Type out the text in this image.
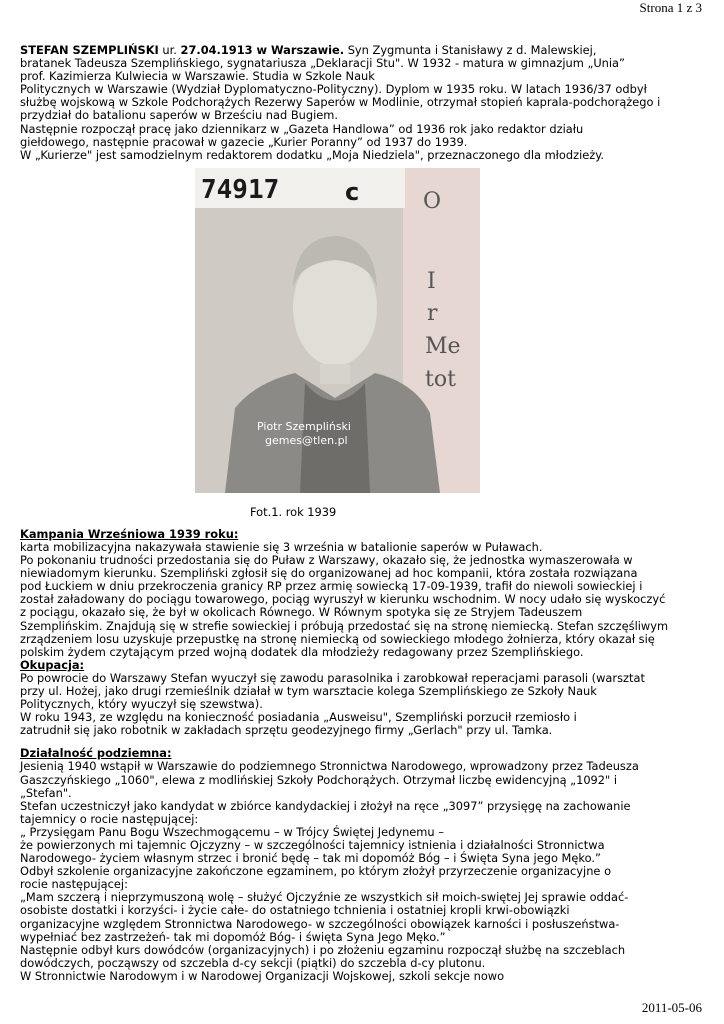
Strona 1 z 3

STEFAN SZEMPLIŃSKI ur. 27.04.1913 w Warszawie. Syn Zygmunta i Stanisławy z d. Malewskiej,

bratanek Tadeusza Szemplińskiego, sygnatariusza „Deklaracji Stu". W 1932 - matura w gimnazjum „Unia”

prof. Kazimierza Kulwiecia w Warszawie. Studia w Szkole Nauk

Politycznych w Warszawie (Wydział Dyplomatyczno-Polityczny). Dyplom w 1935 roku. W latach 1936/37 odbył

służbę wojskową w Szkole Podchorążych Rezerwy Saperów w Modlinie, otrzymał stopień kaprala-podchorążego i

przydział do batalionu saperów w Brześciu nad Bugiem.

Następnie rozpoczął pracę jako dziennikarz w „Gazeta Handlowa” od 1936 rok jako redaktor działu

giełdowego, następnie pracował w gazecie „Kurier Poranny” od 1937 do 1939.

W „Kurierze" jest samodzielnym redaktorem dodatku „Moja Niedziela", przeznaczonego dla młodzieży.

74917	c	O
I
r
Me
tot
Piotr Szempliński
gemes@tlen.pl
Fot.1. rok 1939

Kampania Wrześniowa 1939 roku:

karta mobilizacyjna nakazywała stawienie się 3 września w batalionie saperów w Puławach.

Po pokonaniu trudności przedostania się do Puław z Warszawy, okazało się, że jednostka wymaszerowała w

niewiadomym kierunku. Szempliński zgłosił się do organizowanej ad hoc kompanii, która została rozwiązana

pod Łuckiem w dniu przekroczenia granicy RP przez armię sowiecką 17-09-1939, trafił do niewoli sowieckiej i

został załadowany do pociągu towarowego, pociąg wyruszył w kierunku wschodnim. W nocy udało się wyskoczyć

z pociągu, okazało się, że był w okolicach Równego. W Równym spotyka się ze Stryjem Tadeuszem

Szemplińskim. Znajdują się w strefie sowieckiej i próbują przedostać się na stronę niemiecką. Stefan szczęśliwym

zrządzeniem losu uzyskuje przepustkę na stronę niemiecką od sowieckiego młodego żołnierza, który okazał się

polskim żydem czytającym przed wojną dodatek dla młodzieży redagowany przez Szemplińskiego.

Okupacja:

Po powrocie do Warszawy Stefan wyuczył się zawodu parasolnika i zarobkował reperacjami parasoli (warsztat

przy ul. Hożej, jako drugi rzemieślnik działał w tym warsztacie kolega Szemplińskiego ze Szkoły Nauk

Politycznych, który wyuczył się szewstwa).

W roku 1943, ze względu na konieczność posiadania „Ausweisu", Szempliński porzucił rzemiosło i

zatrudnił się jako robotnik w zakładach sprzętu geodezyjnego firmy „Gerlach" przy ul. Tamka.

Działalność podziemna:

Jesienią 1940 wstąpił w Warszawie do podziemnego Stronnictwa Narodowego, wprowadzony przez Tadeusza

Gaszczyńskiego „1060", elewa z modlińskiej Szkoły Podchorążych. Otrzymał liczbę ewidencyjną „1092" i

„Stefan".

Stefan uczestniczył jako kandydat w zbiórce kandydackiej i złożył na ręce „3097” przysięgę na zachowanie

tajemnicy o rocie następującej:

„ Przysięgam Panu Bogu Wszechmogącemu – w Trójcy Świętej Jedynemu –

że powierzonych mi tajemnic Ojczyzny – w szczególności tajemnicy istnienia i działalności Stronnictwa

Narodowego- życiem własnym strzec i bronić będę – tak mi dopomóż Bóg – i Święta Syna jego Męko.”

Odbył szkolenie organizacyjne zakończone egzaminem, po którym złożył przyrzeczenie organizacyjne o

rocie następującej:

„Mam szczerą i nieprzymuszoną wolę – służyć Ojczyźnie ze wszystkich sił moich-swiętej Jej sprawie oddać-

osobiste dostatki i korzyści- i życie całe- do ostatniego tchnienia i ostatniej kropli krwi-obowiązki

organizacyjne względem Stronnictwa Narodowego- w szczególności obowiązek karności i posłuszeństwa-

wypełniać bez zastrzeżeń- tak mi dopomóż Bóg- i święta Syna Jego Męko.”

Następnie odbył kurs dowódców (organizacyjnych) i po złożeniu egzaminu rozpoczął służbę na szczeblach

dowódczych, począwszy od szczebla d-cy sekcji (piątki) do szczebla d-cy plutonu.

W Stronnictwie Narodowym i w Narodowej Organizacji Wojskowej, szkoli sekcje nowo

2011-05-06
